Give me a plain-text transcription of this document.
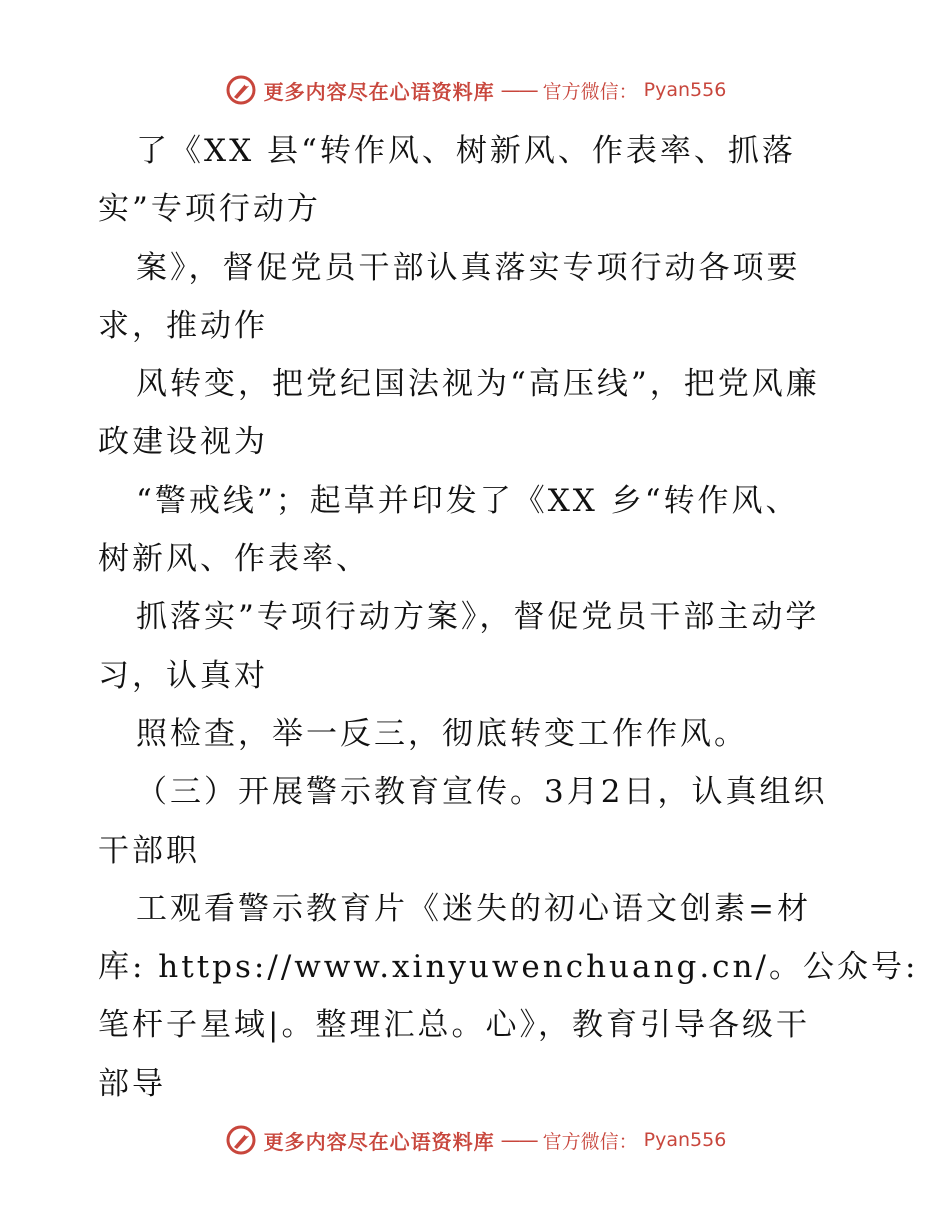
更多内容尽在心语资料库 —— 官方微信： Pyan556
了《XX 县“转作风、树新风、作表率、抓落
实”专项行动方
案》，督促党员干部认真落实专项行动各项要
求，推动作
风转变，把党纪国法视为“高压线”，把党风廉
政建设视为
“警戒线”；起草并印发了《XX 乡“转作风、
树新风、作表率、
抓落实”专项行动方案》，督促党员干部主动学
习，认真对
照检查，举一反三，彻底转变工作作风。
（三）开展警示教育宣传。3月2日，认真组织
干部职
工观看警示教育片《迷失的初心语文创素=材
库: https://www.xinyuwenchuang.cn/。公众号:
笔杆子星域|。整理汇总。心》，教育引导各级干
部导
更多内容尽在心语资料库 —— 官方微信： Pyan556
